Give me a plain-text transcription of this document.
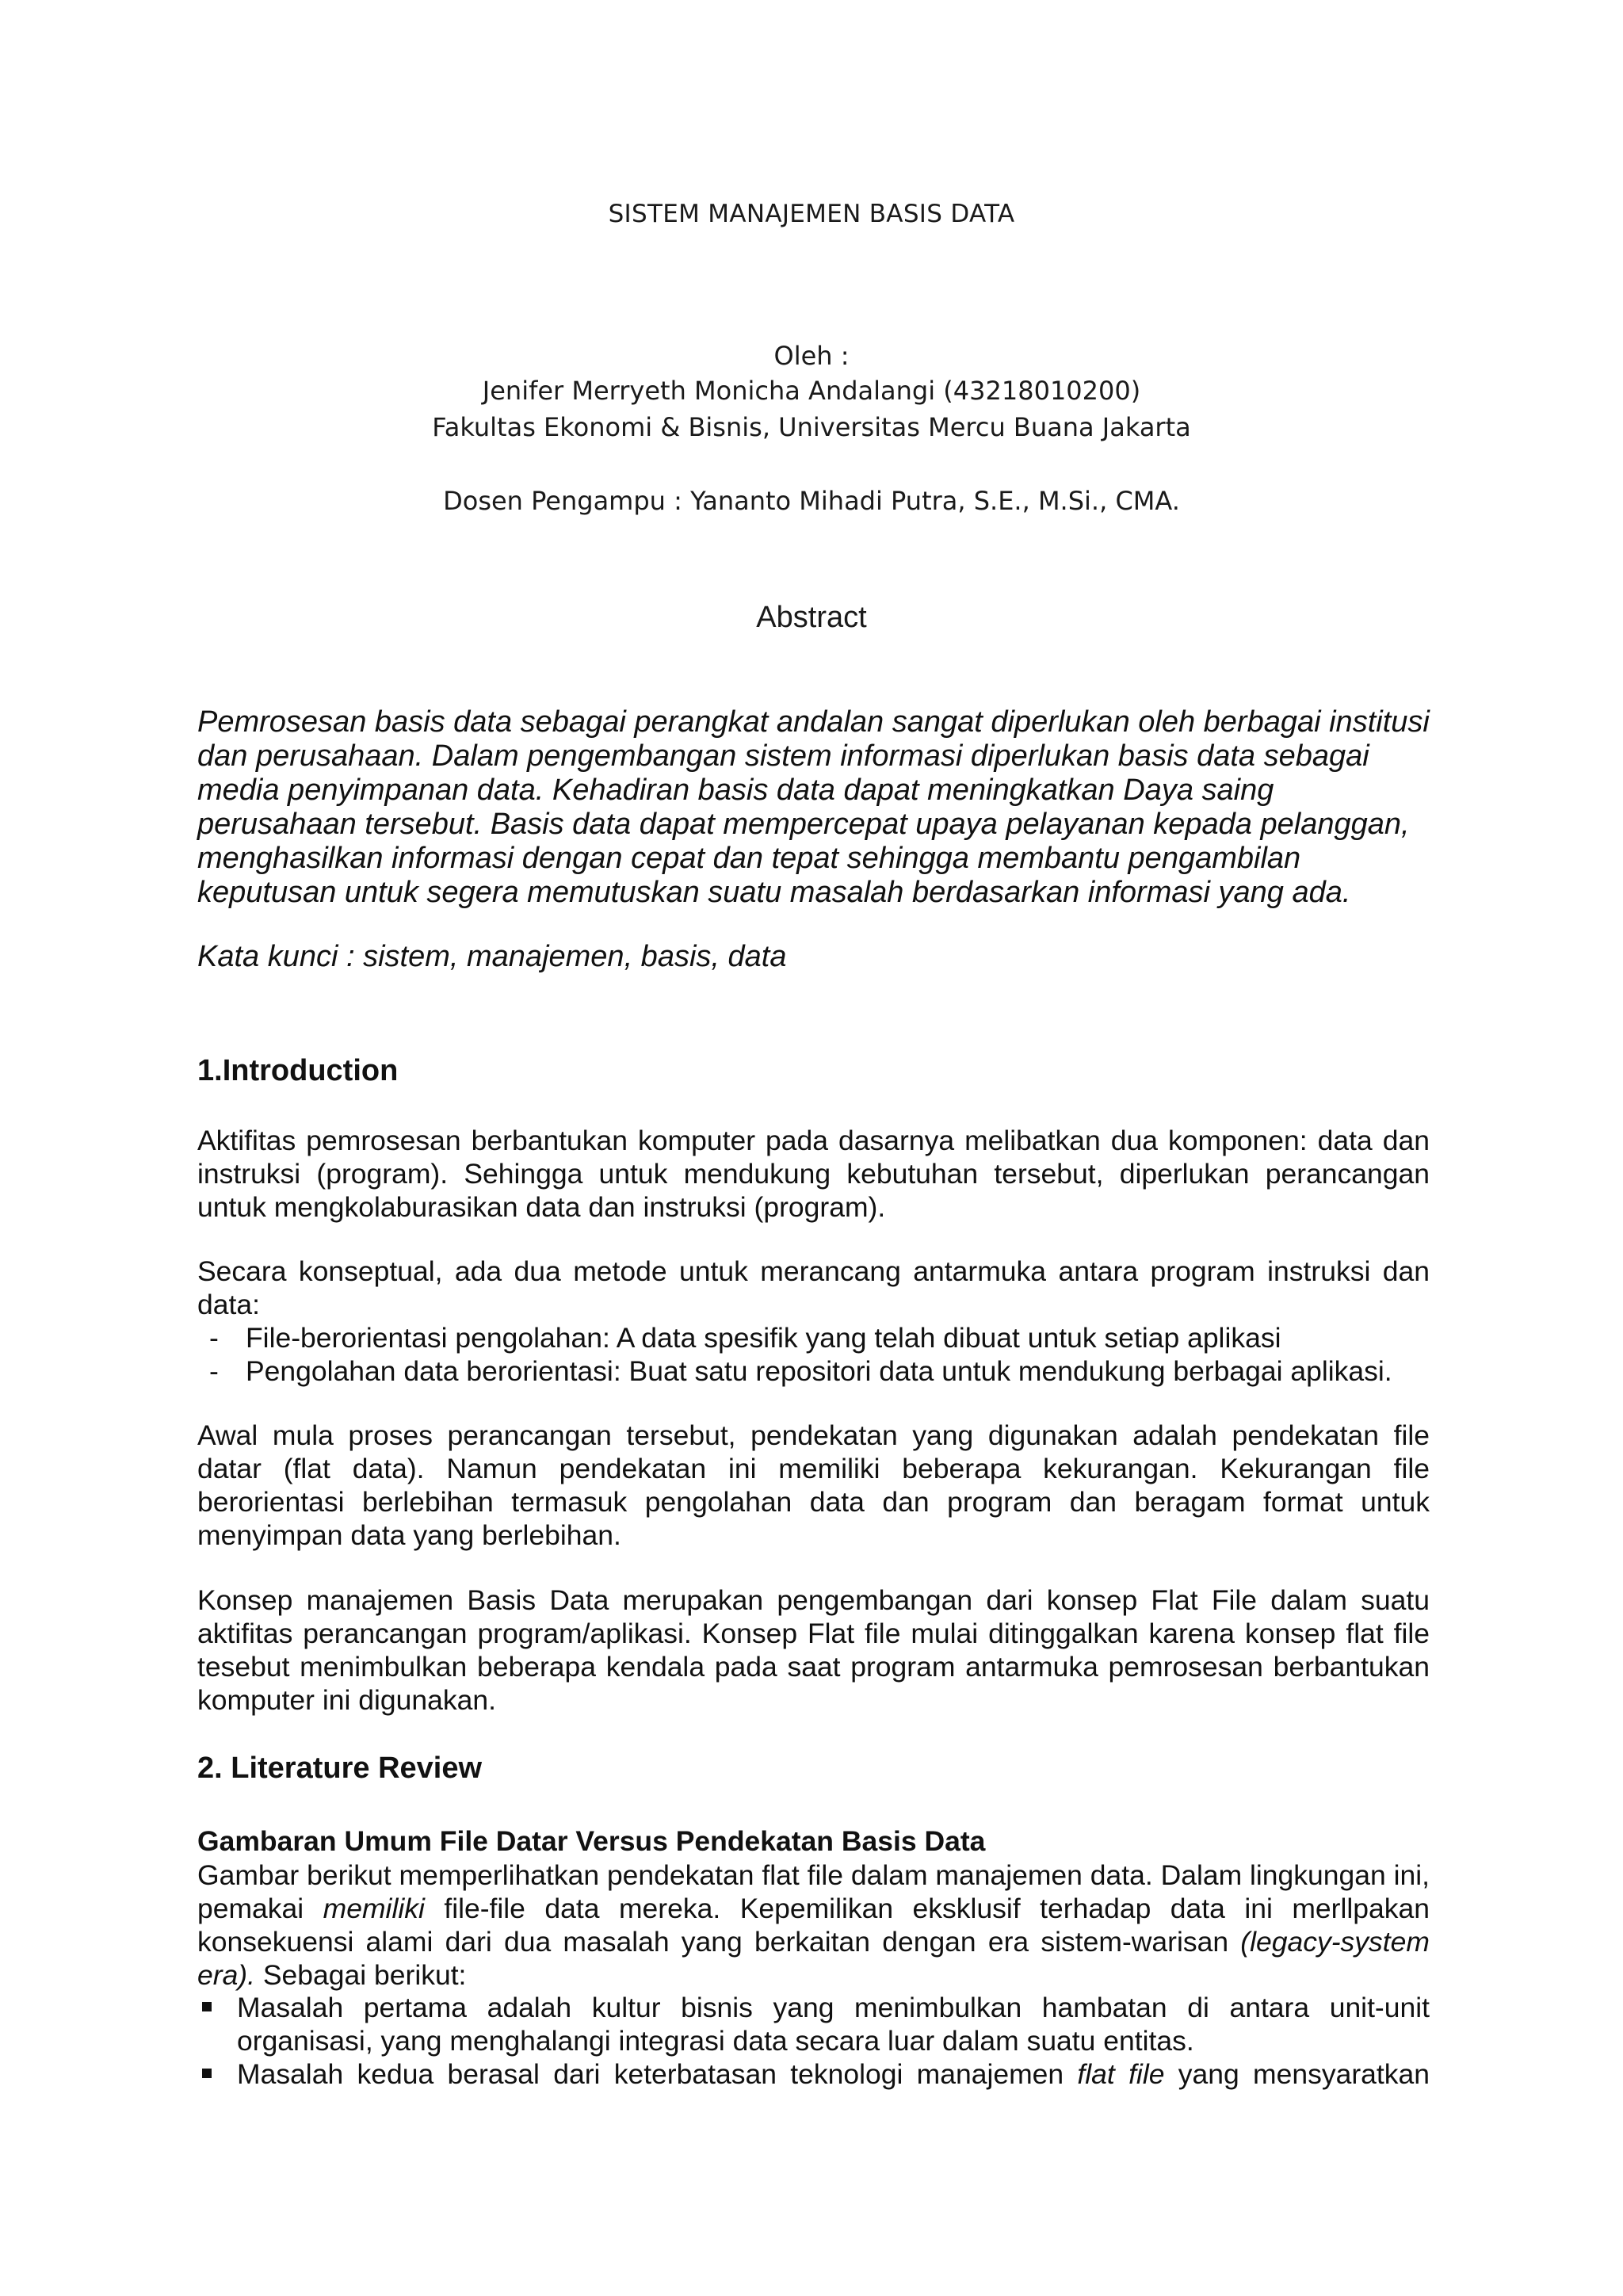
SISTEM MANAJEMEN BASIS DATA
Oleh :
Jenifer Merryeth Monicha Andalangi (43218010200)
Fakultas Ekonomi & Bisnis, Universitas Mercu Buana Jakarta
Dosen Pengampu : Yananto Mihadi Putra, S.E., M.Si., CMA.
Abstract

Pemrosesan basis data sebagai perangkat andalan sangat diperlukan oleh berbagai institusi dan perusahaan. Dalam pengembangan sistem informasi diperlukan basis data sebagai media penyimpanan data. Kehadiran basis data dapat meningkatkan Daya saing perusahaan tersebut. Basis data dapat mempercepat upaya pelayanan kepada pelanggan, menghasilkan informasi dengan cepat dan tepat sehingga membantu pengambilan keputusan untuk segera memutuskan suatu masalah berdasarkan informasi yang ada.

Kata kunci : sistem, manajemen, basis, data
1.Introduction

Aktifitas pemrosesan berbantukan komputer pada dasarnya melibatkan dua komponen: data dan instruksi (program). Sehingga untuk mendukung kebutuhan tersebut, diperlukan perancangan untuk mengkolaburasikan data dan instruksi (program).

Secara konseptual, ada dua metode untuk merancang antarmuka antara program instruksi dan data:

- File-berorientasi pengolahan: A data spesifik yang telah dibuat untuk setiap aplikasi
- Pengolahan data berorientasi: Buat satu repositori data untuk mendukung berbagai aplikasi.

Awal mula proses perancangan tersebut, pendekatan yang digunakan adalah pendekatan file datar (flat data). Namun pendekatan ini memiliki beberapa kekurangan. Kekurangan file berorientasi berlebihan termasuk pengolahan data dan program dan beragam format untuk menyimpan data yang berlebihan.

Konsep manajemen Basis Data merupakan pengembangan dari konsep Flat File dalam suatu aktifitas perancangan program/aplikasi. Konsep Flat file mulai ditinggalkan karena konsep flat file tesebut menimbulkan beberapa kendala pada saat program antarmuka pemrosesan berbantukan komputer ini digunakan.

2. Literature Review
Gambaran Umum File Datar Versus Pendekatan Basis Data

Gambar berikut memperlihatkan pendekatan flat file dalam manajemen data. Dalam lingkungan ini, pemakai memiliki file-file data mereka. Kepemilikan eksklusif terhadap data ini merllpakan konsekuensi alami dari dua masalah yang berkaitan dengan era sistem-warisan (legacy-system era). Sebagai berikut:

Masalah pertama adalah kultur bisnis yang menimbulkan hambatan di antara unit-unit organisasi, yang menghalangi integrasi data secara luar dalam suatu entitas.
Masalah kedua berasal dari keterbatasan teknologi manajemen flat file yang mensyaratkan
